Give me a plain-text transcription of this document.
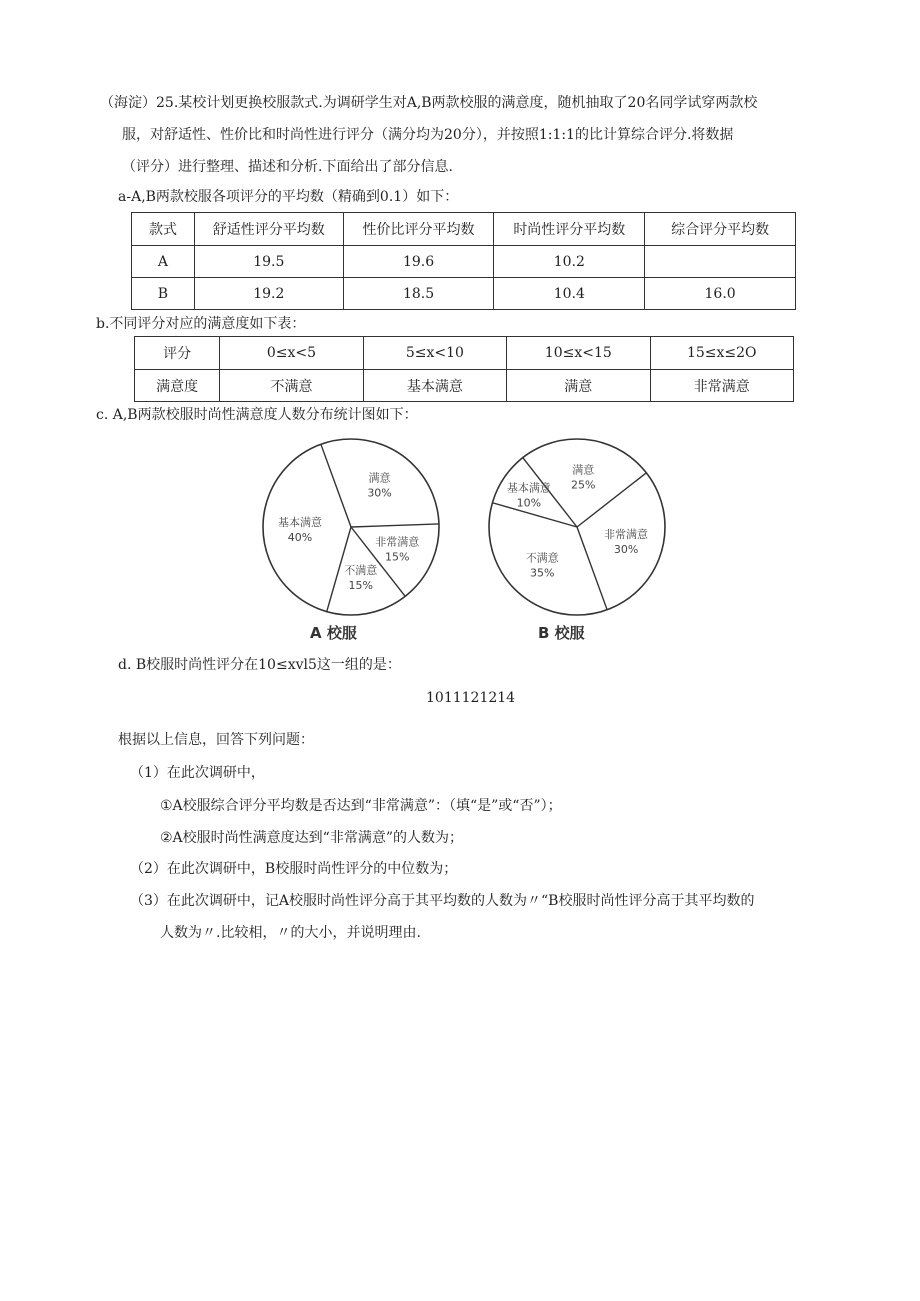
（海淀）25.某校计划更换校服款式.为调研学生对A,B两款校服的满意度，随机抽取了20名同学试穿两款校
服，对舒适性、性价比和时尚性进行评分（满分均为20分），并按照1:1:1的比计算综合评分.将数据
（评分）进行整理、描述和分析.下面给出了部分信息.
a-A,B两款校服各项评分的平均数（精确到0.1）如下：
款式	舒适性评分平均数	性价比评分平均数	时尚性评分平均数	综合评分平均数
A	19.5	19.6	10.2	
B	19.2	18.5	10.4	16.0
b.不同评分对应的满意度如下表：
评分	0≤x<5	5≤x<10	10≤x<15	15≤x≤2O
满意度	不满意	基本满意	满意	非常满意
c. A,B两款校服时尚性满意度人数分布统计图如下：
满意
30%
非常满意
15%
不满意
15%
基本满意
40%
A 校服
满意
25%
非常满意
30%
不满意
35%
基本满意
10%
B 校服
d. B校服时尚性评分在10≤xvl5这一组的是：
1011121214
根据以上信息，回答下列问题：
（1）在此次调研中，
①A校服综合评分平均数是否达到“非常满意”：（填“是”或“否”）；
②A校服时尚性满意度达到“非常满意”的人数为；
（2）在此次调研中，B校服时尚性评分的中位数为；
（3）在此次调研中，记A校服时尚性评分高于其平均数的人数为〃“B校服时尚性评分高于其平均数的
人数为〃.比较相，〃的大小，并说明理由.
